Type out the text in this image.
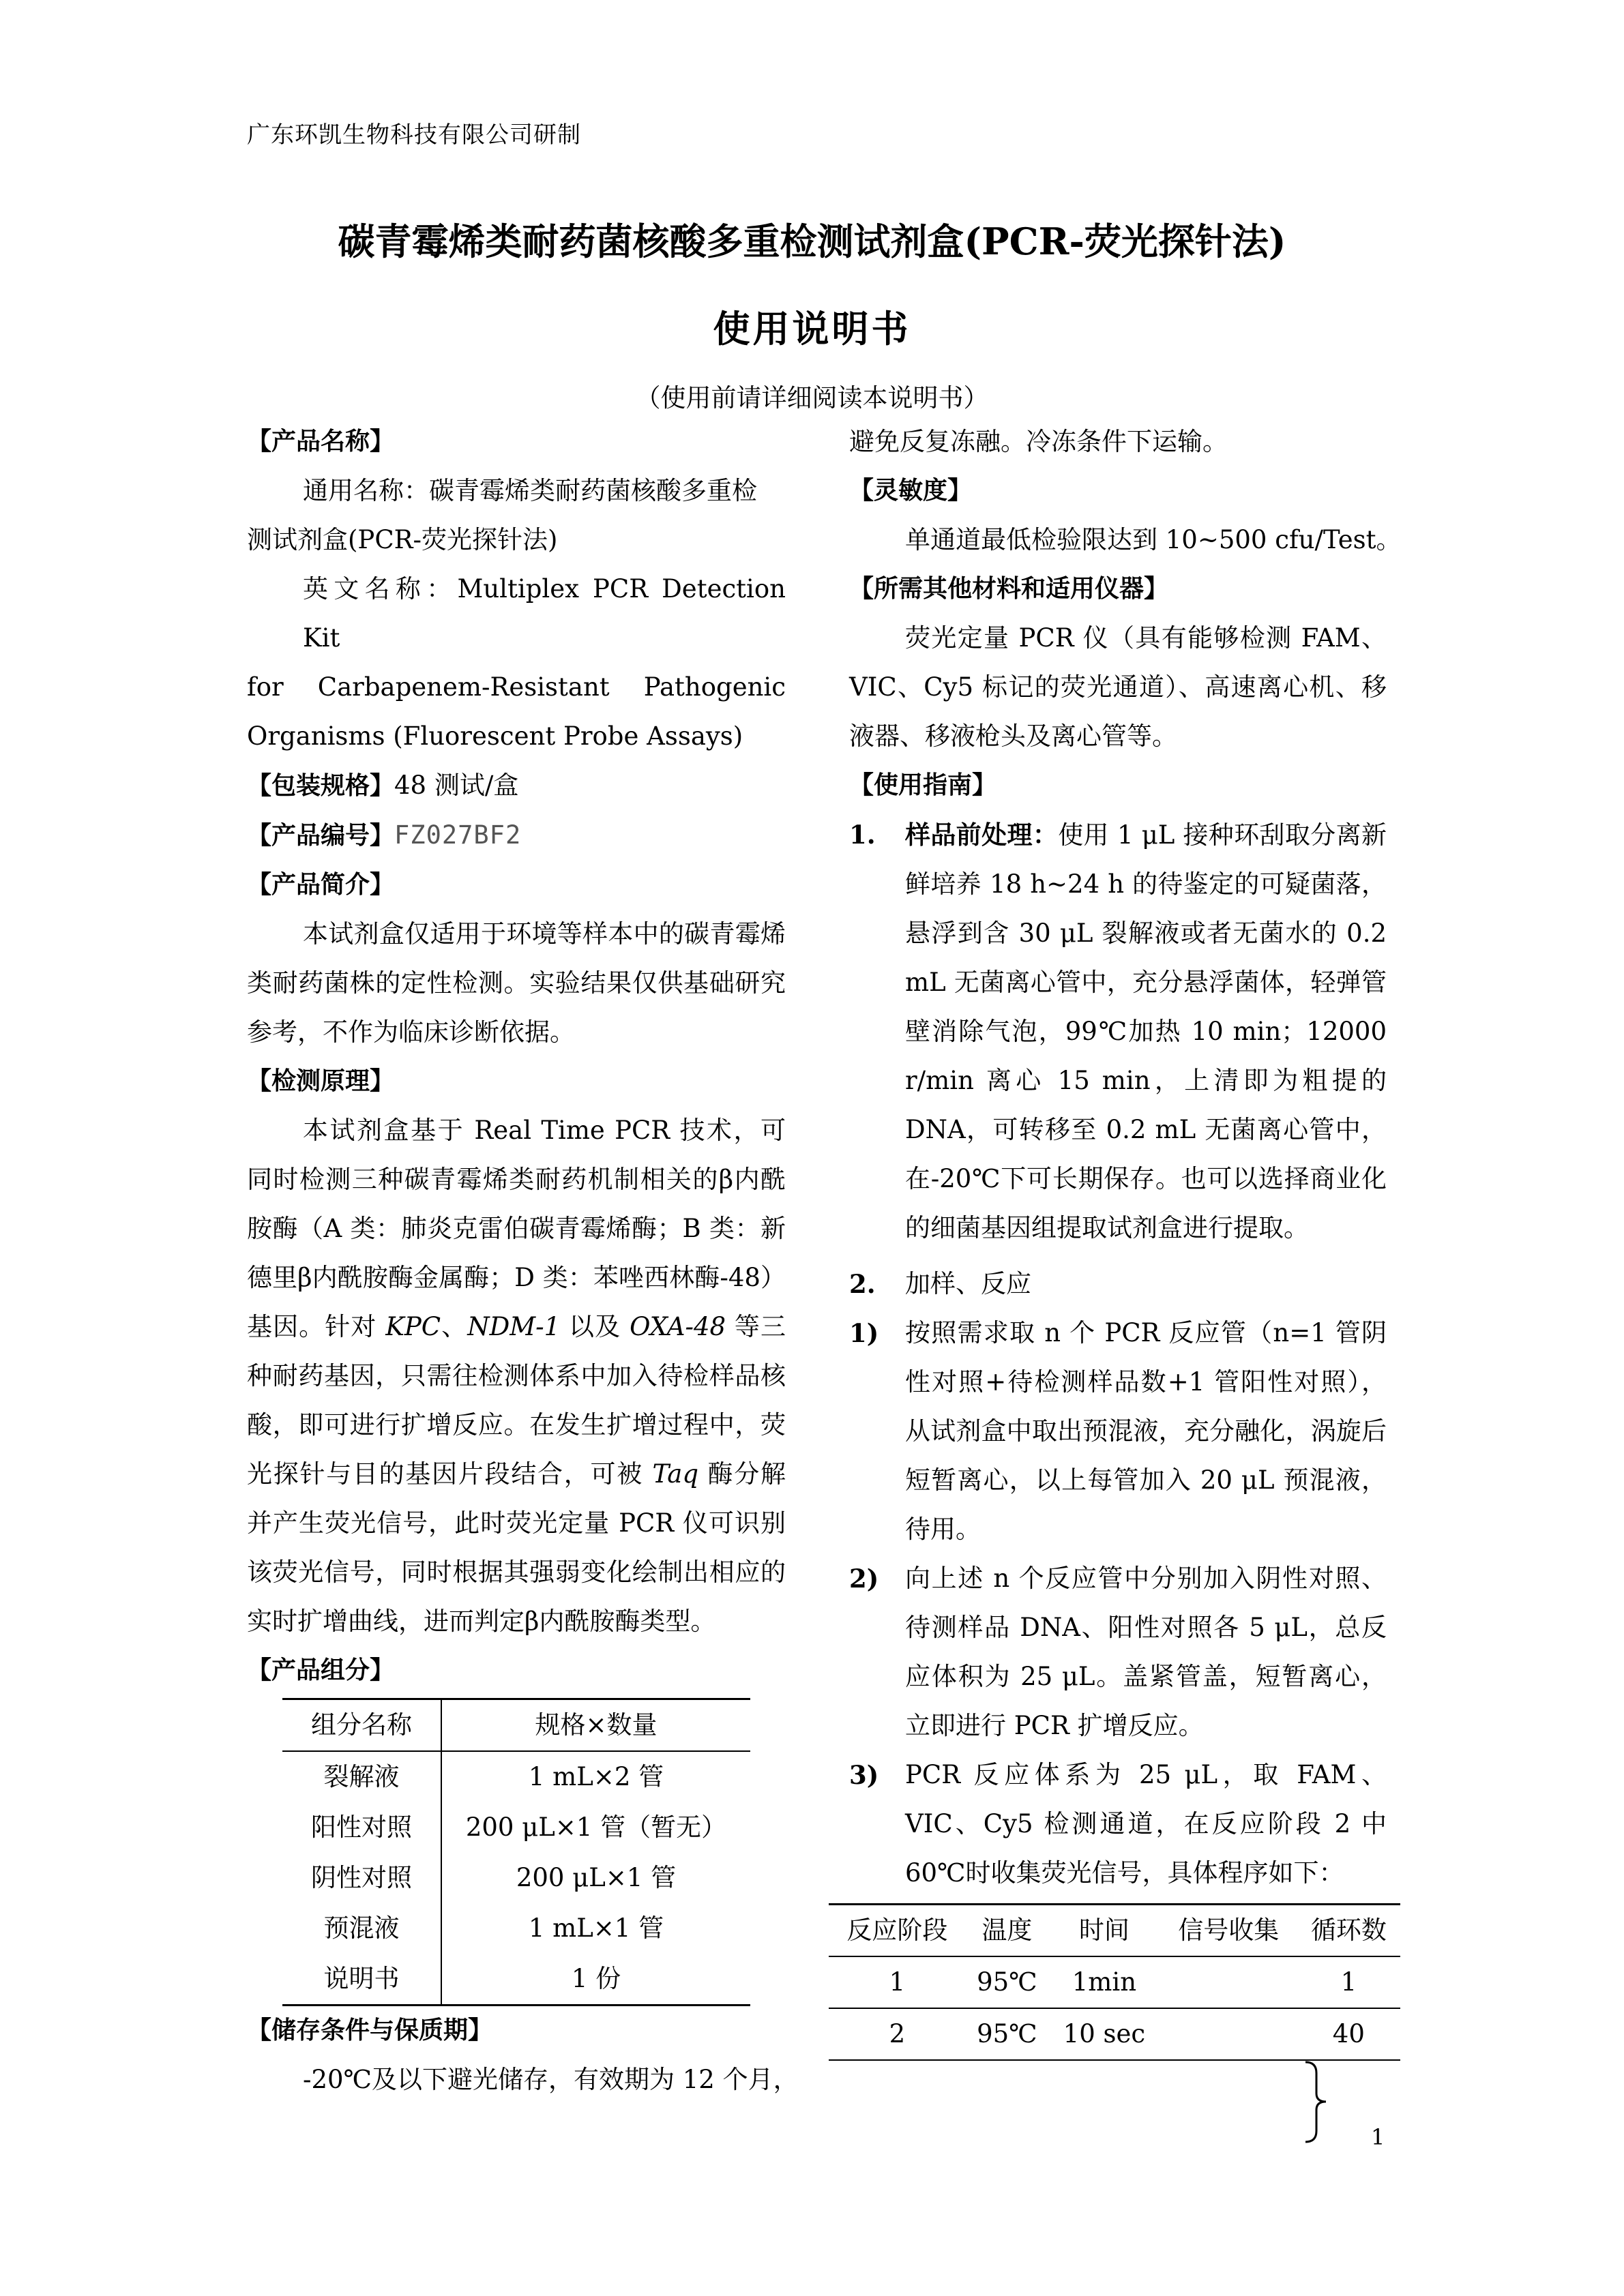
广东环凯生物科技有限公司研制
碳青霉烯类耐药菌核酸多重检测试剂盒(PCR-荧光探针法)
使用说明书
（使用前请详细阅读本说明书）
【产品名称】
通用名称：碳青霉烯类耐药菌核酸多重检
测试剂盒(PCR-荧光探针法)
英文名称：Multiplex PCR Detection Kit
for Carbapenem-Resistant Pathogenic
Organisms (Fluorescent Probe Assays)
【包装规格】48 测试/盒
【产品编号】FZ027BF2
【产品简介】
本试剂盒仅适用于环境等样本中的碳青霉烯类耐药菌株的定性检测。实验结果仅供基础研究参考，不作为临床诊断依据。
【检测原理】
本试剂盒基于 Real Time PCR 技术，可同时检测三种碳青霉烯类耐药机制相关的β内酰胺酶（A 类：肺炎克雷伯碳青霉烯酶；B 类：新德里β内酰胺酶金属酶；D 类：苯唑西林酶-48）基因。针对 KPC、NDM-1 以及 OXA-48 等三种耐药基因，只需往检测体系中加入待检样品核酸，即可进行扩增反应。在发生扩增过程中，荧光探针与目的基因片段结合，可被 Taq 酶分解并产生荧光信号，此时荧光定量 PCR 仪可识别该荧光信号，同时根据其强弱变化绘制出相应的实时扩增曲线，进而判定β内酰胺酶类型。
【产品组分】
组分名称	规格×数量
裂解液	1 mL×2 管
阳性对照	200 μL×1 管（暂无）
阴性对照	200 μL×1 管
预混液	1 mL×1 管
说明书	1 份
【储存条件与保质期】
-20℃及以下避光储存，有效期为 12 个月，
避免反复冻融。冷冻条件下运输。
【灵敏度】
单通道最低检验限达到 10~500 cfu/Test。
【所需其他材料和适用仪器】
荧光定量 PCR 仪（具有能够检测 FAM、VIC、Cy5 标记的荧光通道）、高速离心机、移液器、移液枪头及离心管等。
【使用指南】
1. 样品前处理：使用 1 μL 接种环刮取分离新鲜培养 18 h~24 h 的待鉴定的可疑菌落，悬浮到含 30 μL 裂解液或者无菌水的 0.2 mL 无菌离心管中，充分悬浮菌体，轻弹管壁消除气泡，99℃加热 10 min；12000 r/min 离心 15 min，上清即为粗提的 DNA，可转移至 0.2 mL 无菌离心管中，在-20℃下可长期保存。也可以选择商业化的细菌基因组提取试剂盒进行提取。
2. 加样、反应
1) 按照需求取 n 个 PCR 反应管（n=1 管阴性对照+待检测样品数+1 管阳性对照），从试剂盒中取出预混液，充分融化，涡旋后短暂离心，以上每管加入 20 μL 预混液，待用。
2) 向上述 n 个反应管中分别加入阴性对照、待测样品 DNA、阳性对照各 5 μL，总反应体积为 25 μL。盖紧管盖，短暂离心，立即进行 PCR 扩增反应。
3) PCR 反应体系为 25 μL，取 FAM、VIC、Cy5 检测通道，在反应阶段 2 中 60℃时收集荧光信号，具体程序如下：
反应阶段	温度	时间	信号收集	循环数
1	95℃	1min		1
2	95℃	10 sec		40
1
